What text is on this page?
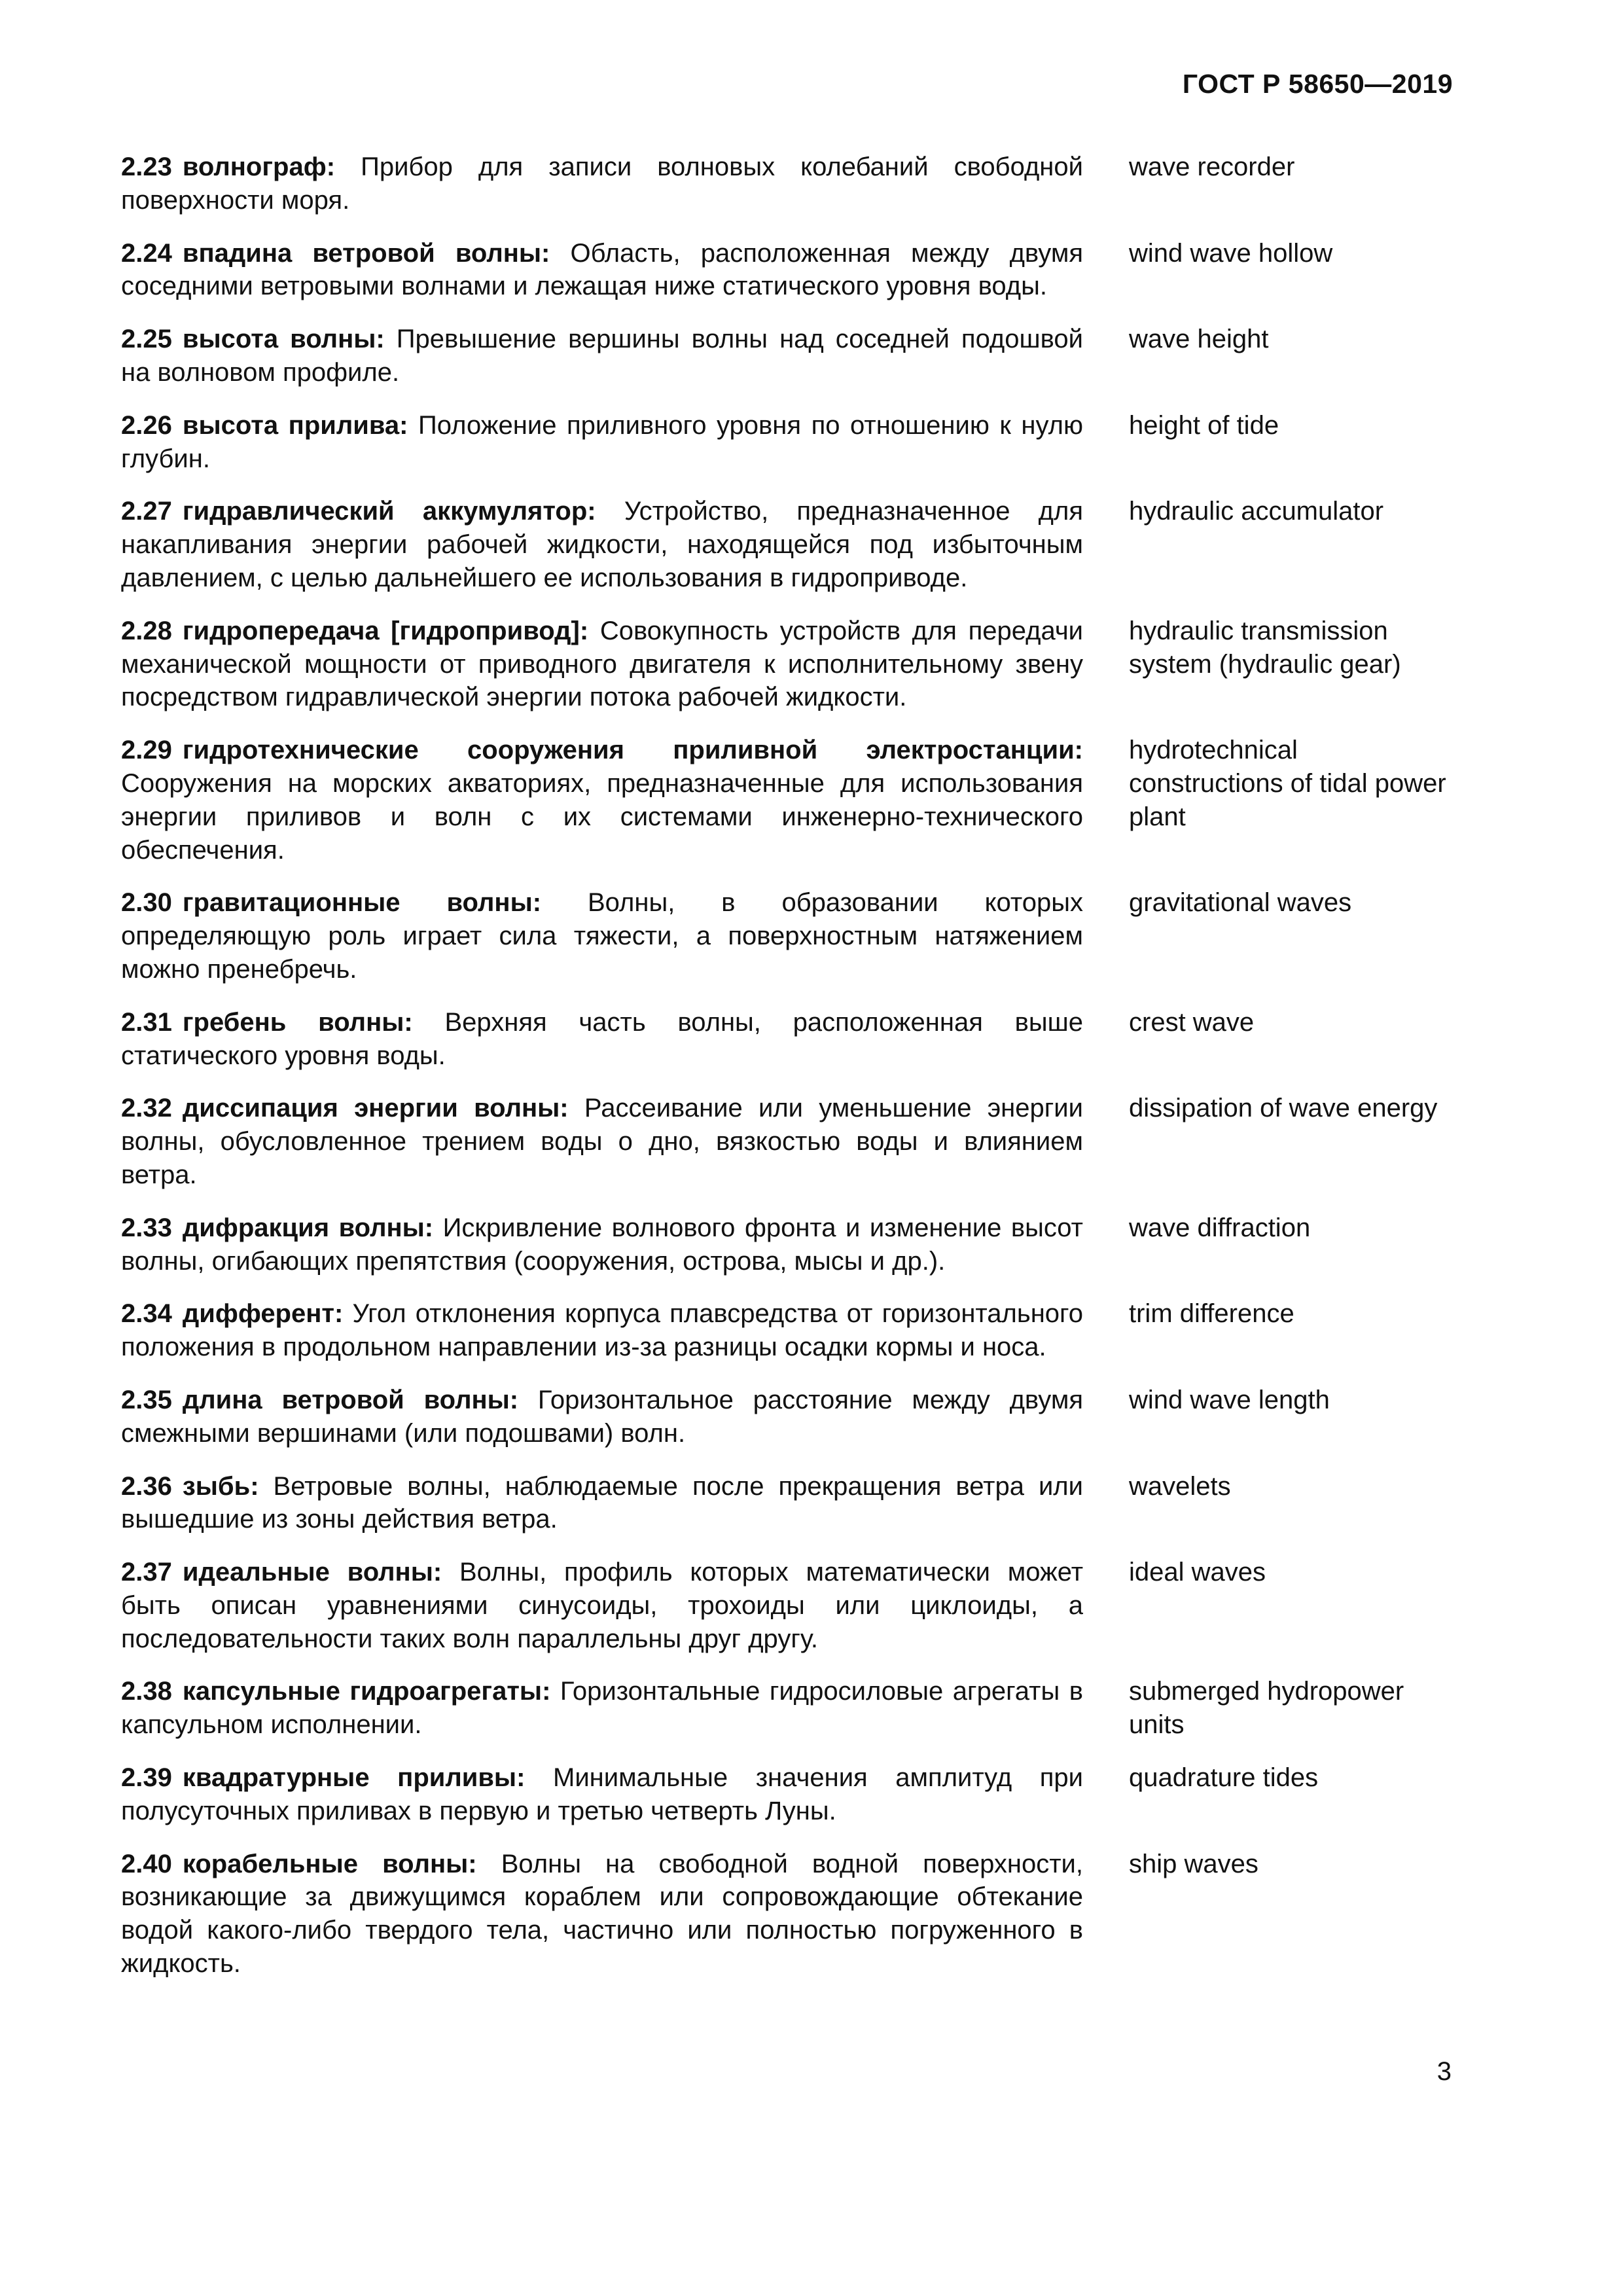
ГОСТ Р 58650—2019
2.23 волнограф: Прибор для записи волновых колебаний свободной поверхности моря.
wave recorder
2.24 впадина ветровой волны: Область, расположенная между двумя соседними ветровыми волнами и лежащая ниже статического уровня воды.
wind wave hollow
2.25 высота волны: Превышение вершины волны над соседней подошвой на волновом профиле.
wave height
2.26 высота прилива: Положение приливного уровня по отношению к нулю глубин.
height of tide
2.27 гидравлический аккумулятор: Устройство, предназначенное для накапливания энергии рабочей жидкости, находящейся под избыточным давлением, с целью дальнейшего ее использования в гидроприводе.
hydraulic accumulator
2.28 гидропередача [гидропривод]: Совокупность устройств для передачи механической мощности от приводного двигателя к исполнительному звену посредством гидравлической энергии потока рабочей жидкости.
hydraulic transmission system (hydraulic gear)
2.29 гидротехнические сооружения приливной электростанции: Сооружения на морских акваториях, предназначенные для использования энергии приливов и волн с их системами инженерно-технического обеспечения.
hydrotechnical constructions of tidal power plant
2.30 гравитационные волны: Волны, в образовании которых определяющую роль играет сила тяжести, а поверхностным натяжением можно пренебречь.
gravitational waves
2.31 гребень волны: Верхняя часть волны, расположенная выше статического уровня воды.
crest wave
2.32 диссипация энергии волны: Рассеивание или уменьшение энергии волны, обусловленное трением воды о дно, вязкостью воды и влиянием ветра.
dissipation of wave energy
2.33 дифракция волны: Искривление волнового фронта и изменение высот волны, огибающих препятствия (сооружения, острова, мысы и др.).
wave diffraction
2.34 дифферент: Угол отклонения корпуса плавсредства от горизонтального положения в продольном направлении из-за разницы осадки кормы и носа.
trim difference
2.35 длина ветровой волны: Горизонтальное расстояние между двумя смежными вершинами (или подошвами) волн.
wind wave length
2.36 зыбь: Ветровые волны, наблюдаемые после прекращения ветра или вышедшие из зоны действия ветра.
wavelets
2.37 идеальные волны: Волны, профиль которых математически может быть описан уравнениями синусоиды, трохоиды или циклоиды, а последовательности таких волн параллельны друг другу.
ideal waves
2.38 капсульные гидроагрегаты: Горизонтальные гидросиловые агрегаты в капсульном исполнении.
submerged hydropower units
2.39 квадратурные приливы: Минимальные значения амплитуд при полусуточных приливах в первую и третью четверть Луны.
quadrature tides
2.40 корабельные волны: Волны на свободной водной поверхности, возникающие за движущимся кораблем или сопровождающие обтекание водой какого-либо твердого тела, частично или полностью погруженного в жидкость.
ship waves
3
